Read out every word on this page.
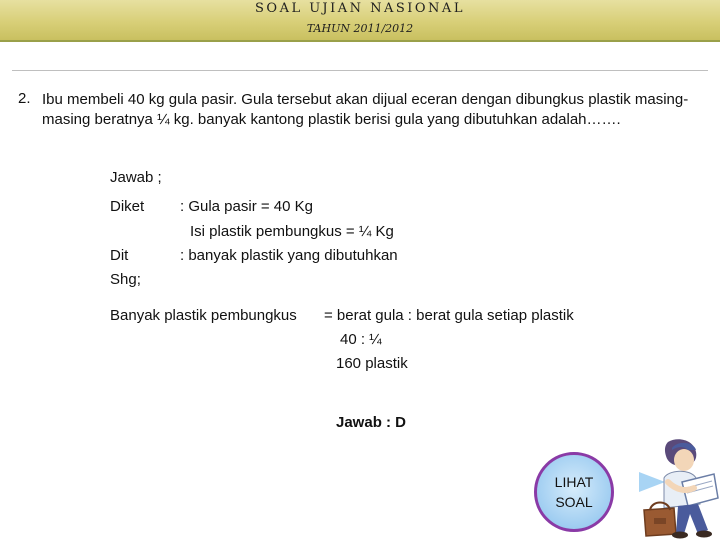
SOAL UJIAN NASIONAL
TAHUN 2011/2012
2. Ibu membeli 40 kg gula pasir. Gula tersebut akan dijual eceran dengan dibungkus plastik masing-masing beratnya ¼ kg. banyak kantong plastik berisi gula yang dibutuhkan adalah…….
Jawab ;
Diket : Gula pasir = 40 Kg
Isi plastik pembungkus = ¼ Kg
Dit	: banyak plastik yang dibutuhkan
Shg;
Banyak plastik pembungkus = berat gula : berat gula setiap plastik
40 : ¼
160 plastik
Jawab : D
LIHAT
SOAL
